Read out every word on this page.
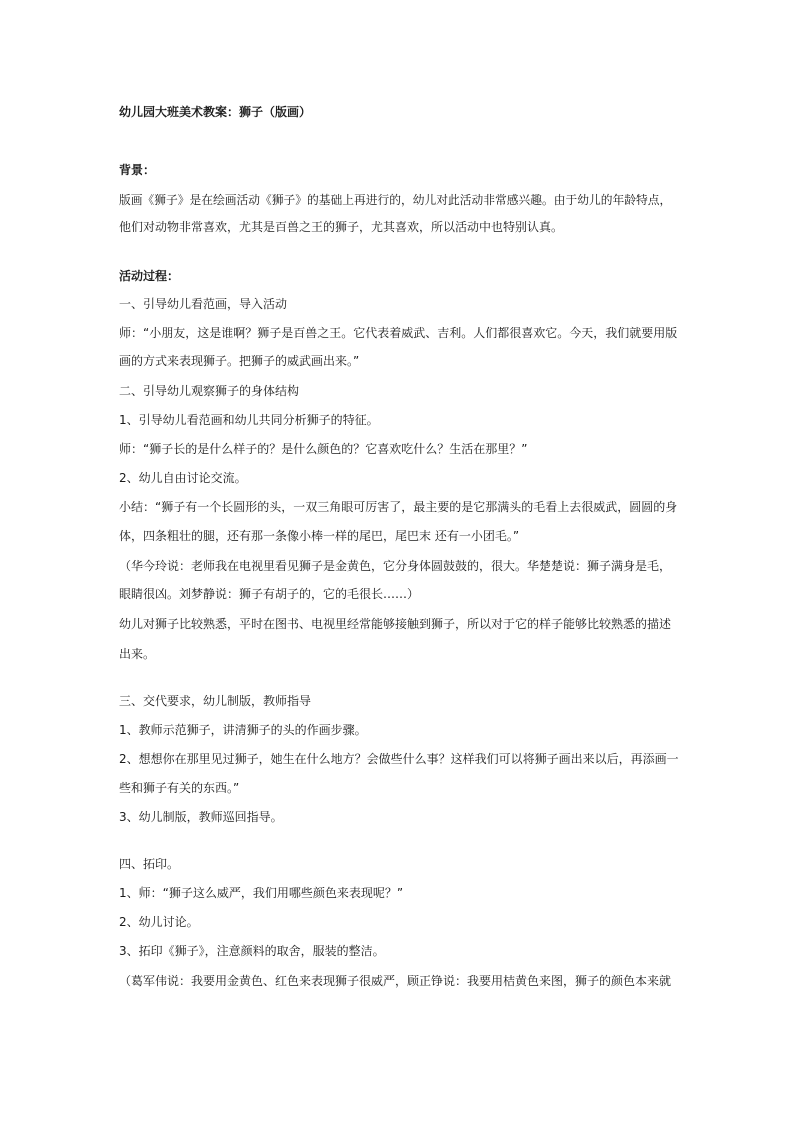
幼儿园大班美术教案：狮子（版画）
背景：
版画《狮子》是在绘画活动《狮子》的基础上再进行的，幼儿对此活动非常感兴趣。由于幼儿的年龄特点，
他们对动物非常喜欢，尤其是百兽之王的狮子，尤其喜欢，所以活动中也特别认真。
活动过程：
一、引导幼儿看范画，导入活动
师：“小朋友，这是谁啊？狮子是百兽之王。它代表着威武、吉利。人们都很喜欢它。今天，我们就要用版
画的方式来表现狮子。把狮子的威武画出来。”
二、引导幼儿观察狮子的身体结构
1、引导幼儿看范画和幼儿共同分析狮子的特征。
师：“狮子长的是什么样子的？是什么颜色的？它喜欢吃什么？生活在那里？”
2、幼儿自由讨论交流。
小结：“狮子有一个长圆形的头，一双三角眼可厉害了，最主要的是它那满头的毛看上去很威武，圆圆的身
体，四条粗壮的腿，还有那一条像小棒一样的尾巴，尾巴末 还有一小团毛。”
（华今玲说：老师我在电视里看见狮子是金黄色，它分身体圆鼓鼓的，很大。华楚楚说：狮子满身是毛，
眼睛很凶。刘梦静说：狮子有胡子的，它的毛很长……）
幼儿对狮子比较熟悉，平时在图书、电视里经常能够接触到狮子，所以对于它的样子能够比较熟悉的描述
出来。
三、交代要求，幼儿制版，教师指导
1、教师示范狮子，讲清狮子的头的作画步骤。
2、想想你在那里见过狮子，她生在什么地方？会做些什么事？这样我们可以将狮子画出来以后，再添画一
些和狮子有关的东西。”
3、幼儿制版，教师巡回指导。
四、拓印。
1、师：“狮子这么威严，我们用哪些颜色来表现呢？”
2、幼儿讨论。
3、拓印《狮子》，注意颜料的取舍，服装的整洁。
（葛军伟说：我要用金黄色、红色来表现狮子很威严，顾正铮说：我要用桔黄色来图，狮子的颜色本来就
